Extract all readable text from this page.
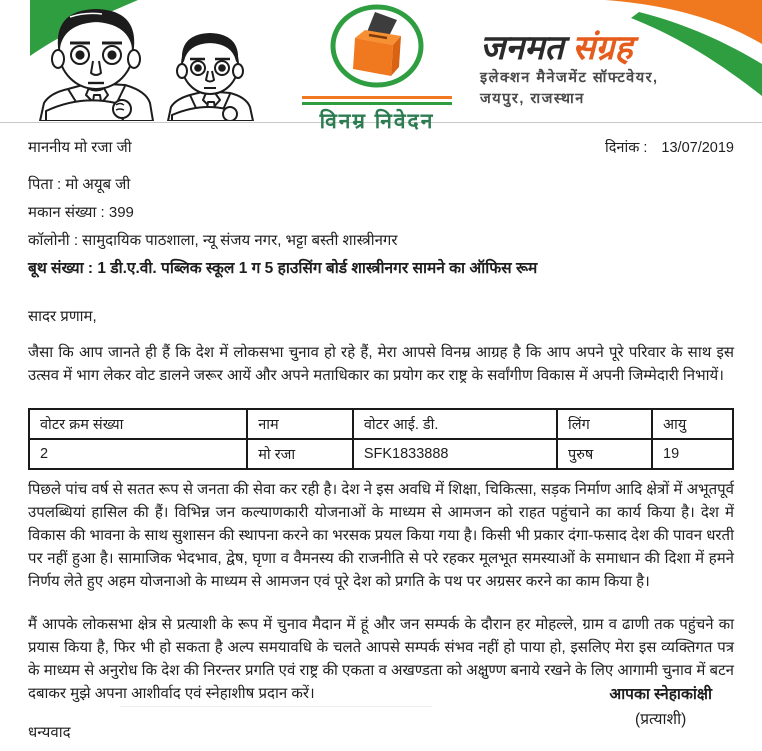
विनम्र निवेदन
जनमत संग्रह
इलेक्शन मैनेजमेंट सॉफ्टवेयर,
जयपुर, राजस्थान
माननीय मो रजा जी	दिनांक : 13/07/2019
पिता : मो अयूब जी
मकान संख्या : 399
कॉलोनी : सामुदायिक पाठशाला, न्यू संजय नगर, भट्टा बस्ती शास्त्रीनगर
बूथ संख्या : 1 डी.ए.वी. पब्लिक स्कूल 1 ग 5 हाउसिंग बोर्ड शास्त्रीनगर सामने का ऑफिस रूम
सादर प्रणाम,

जैसा कि आप जानते ही हैं कि देश में लोकसभा चुनाव हो रहे हैं, मेरा आपसे विनम्र आग्रह है कि आप अपने पूरे परिवार के साथ इस उत्सव में भाग लेकर वोट डालने जरूर आयें और अपने मताधिकार का प्रयोग कर राष्ट्र के सर्वांगीण विकास में अपनी जिम्मेदारी निभायें।

वोटर क्रम संख्या	नाम	वोटर आई. डी.	लिंग	आयु
2	मो रजा	SFK1833888	पुरुष	19

पिछले पांच वर्ष से सतत रूप से जनता की सेवा कर रही है। देश ने इस अवधि में शिक्षा, चिकित्सा, सड़क निर्माण आदि क्षेत्रों में अभूतपूर्व उपलब्धियां हासिल की हैं। विभिन्न जन कल्याणकारी योजनाओं के माध्यम से आमजन को राहत पहुंचाने का कार्य किया है। देश में विकास की भावना के साथ सुशासन की स्थापना करने का भरसक प्रयल किया गया है। किसी भी प्रकार दंगा-फसाद देश की पावन धरती पर नहीं हुआ है। सामाजिक भेदभाव, द्वेष, घृणा व वैमनस्य की राजनीति से परे रहकर मूलभूत समस्याओं के समाधान की दिशा में हमने निर्णय लेते हुए अहम योजनाओ के माध्यम से आमजन एवं पूरे देश को प्रगति के पथ पर अग्रसर करने का काम किया है।

मैं आपके लोकसभा क्षेत्र से प्रत्याशी के रूप में चुनाव मैदान में हूं और जन सम्पर्क के दौरान हर मोहल्ले, ग्राम व ढाणी तक पहुंचने का प्रयास किया है, फिर भी हो सकता है अल्प समयावधि के चलते आपसे सम्पर्क संभव नहीं हो पाया हो, इसलिए मेरा इस व्यक्तिगत पत्र के माध्यम से अनुरोध कि देश की निरन्तर प्रगति एवं राष्ट्र की एकता व अखण्डता को अक्षुण्ण बनाये रखने के लिए आगामी चुनाव में बटन दबाकर मुझे अपना आशीर्वाद एवं स्नेहाशीष प्रदान करें।

धन्यवाद
आपका स्नेहाकांक्षी
(प्रत्याशी)
